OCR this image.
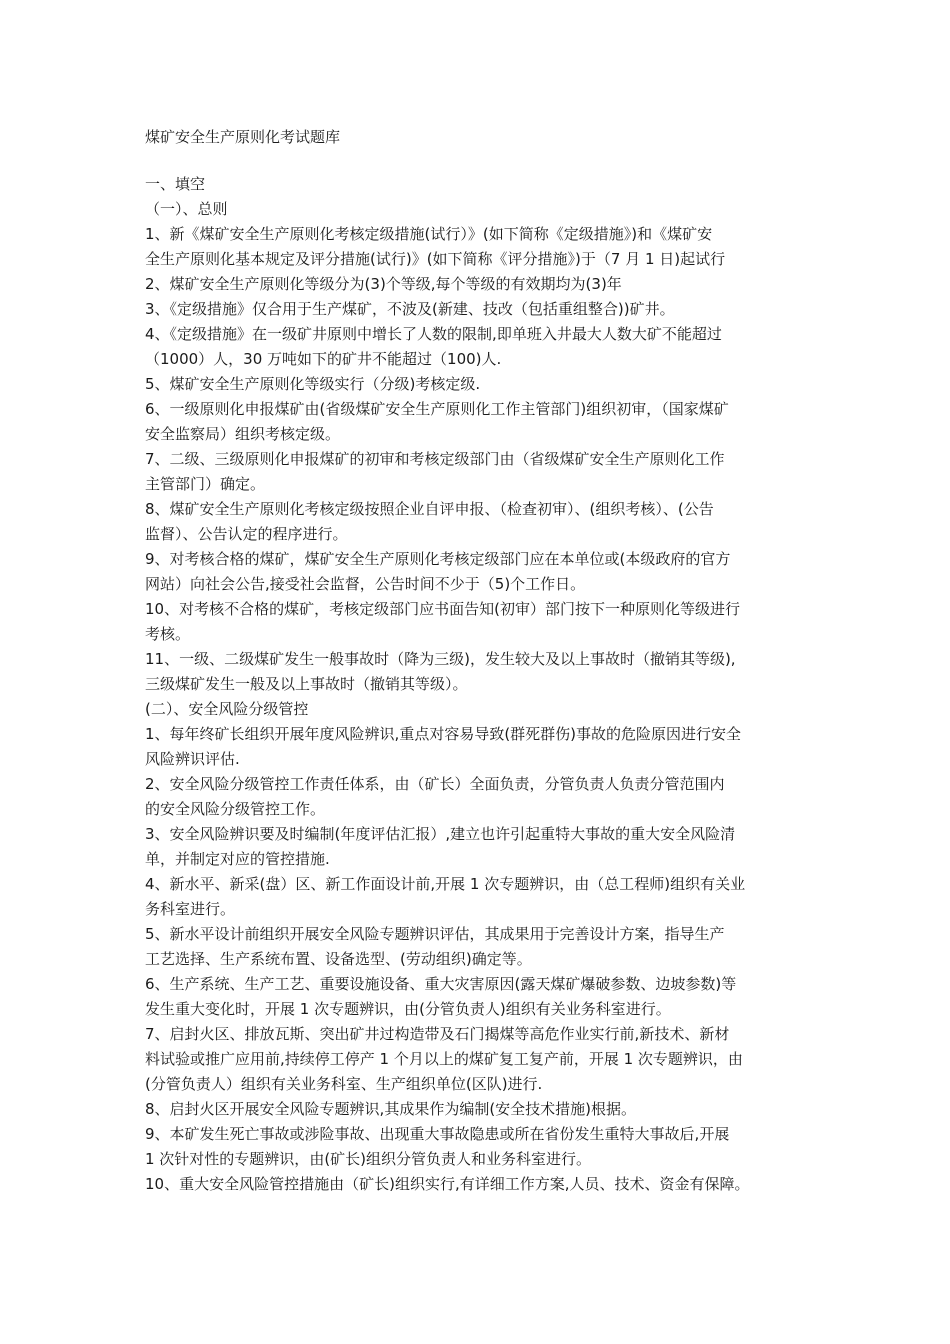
煤矿安全生产原则化考试题库

一、填空

（一）、总则

1、新《煤矿安全生产原则化考核定级措施(试行）》(如下简称《定级措施》)和《煤矿安

全生产原则化基本规定及评分措施(试行)》(如下简称《评分措施》)于（7 月 1 日)起试行

2、煤矿安全生产原则化等级分为(3)个等级,每个等级的有效期均为(3)年

3、《定级措施》仅合用于生产煤矿，不波及(新建、技改（包括重组整合))矿井。

4、《定级措施》在一级矿井原则中增长了人数的限制,即单班入井最大人数大矿不能超过

（1000）人，30 万吨如下的矿井不能超过（100)人.

5、煤矿安全生产原则化等级实行（分级)考核定级.

6、一级原则化申报煤矿由(省级煤矿安全生产原则化工作主管部门)组织初审，（国家煤矿

安全监察局）组织考核定级。

7、二级、三级原则化申报煤矿的初审和考核定级部门由（省级煤矿安全生产原则化工作

主管部门）确定。

8、煤矿安全生产原则化考核定级按照企业自评申报、（检查初审）、(组织考核）、(公告

监督）、公告认定的程序进行。

9、对考核合格的煤矿，煤矿安全生产原则化考核定级部门应在本单位或(本级政府的官方

网站）向社会公告,接受社会监督，公告时间不少于（5)个工作日。

10、对考核不合格的煤矿，考核定级部门应书面告知(初审）部门按下一种原则化等级进行

考核。

11、一级、二级煤矿发生一般事故时（降为三级)，发生较大及以上事故时（撤销其等级),

三级煤矿发生一般及以上事故时（撤销其等级）。

(二）、安全风险分级管控

1、每年终矿长组织开展年度风险辨识,重点对容易导致(群死群伤)事故的危险原因进行安全

风险辨识评估.

2、安全风险分级管控工作责任体系，由（矿长）全面负责，分管负责人负责分管范围内

的安全风险分级管控工作。

3、安全风险辨识要及时编制(年度评估汇报）,建立也许引起重特大事故的重大安全风险清

单，并制定对应的管控措施.

4、新水平、新采(盘）区、新工作面设计前,开展 1 次专题辨识，由（总工程师)组织有关业

务科室进行。

5、新水平设计前组织开展安全风险专题辨识评估，其成果用于完善设计方案，指导生产

工艺选择、生产系统布置、设备选型、(劳动组织)确定等。

6、生产系统、生产工艺、重要设施设备、重大灾害原因(露天煤矿爆破参数、边坡参数)等

发生重大变化时，开展 1 次专题辨识，由(分管负责人)组织有关业务科室进行。

7、启封火区、排放瓦斯、突出矿井过构造带及石门揭煤等高危作业实行前,新技术、新材

料试验或推广应用前,持续停工停产 1 个月以上的煤矿复工复产前，开展 1 次专题辨识，由

(分管负责人）组织有关业务科室、生产组织单位(区队)进行.

8、启封火区开展安全风险专题辨识,其成果作为编制(安全技术措施)根据。

9、本矿发生死亡事故或涉险事故、出现重大事故隐患或所在省份发生重特大事故后,开展

1 次针对性的专题辨识，由(矿长)组织分管负责人和业务科室进行。

10、重大安全风险管控措施由（矿长)组织实行,有详细工作方案,人员、技术、资金有保障。
